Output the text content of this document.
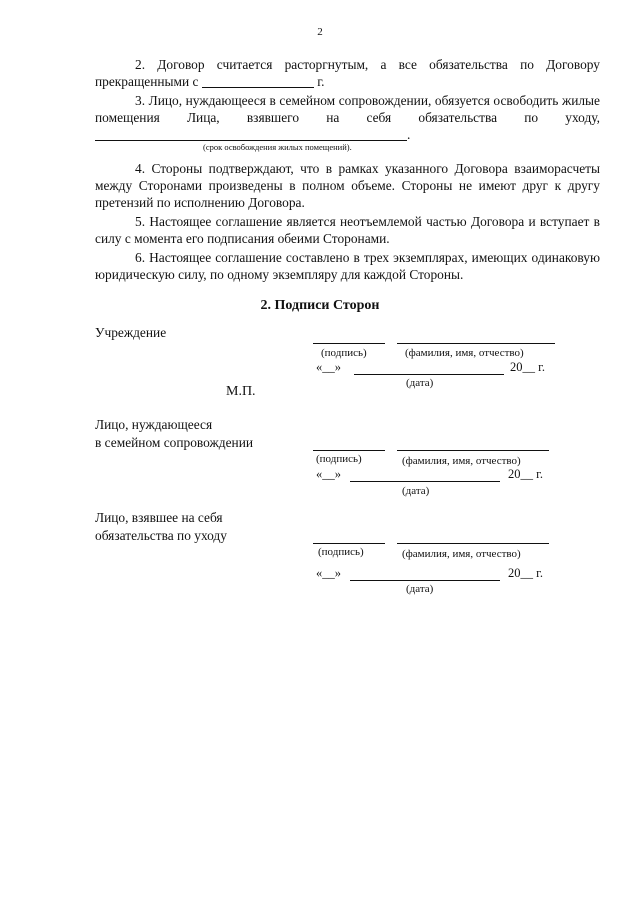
2

2. Договор считается расторгнутым, а все обязательства по Договору прекращенными с	г.

3. Лицо, нуждающееся в семейном сопровождении, обязуется освободить жилые помещения Лица, взявшего на себя обязательства по уходу, .
(срок освобождения жилых помещений).

4. Стороны подтверждают, что в рамках указанного Договора взаиморасчеты между Сторонами произведены в полном объеме. Стороны не имеют друг к другу претензий по исполнению Договора.

5. Настоящее соглашение является неотъемлемой частью Договора и вступает в силу с момента его подписания обеими Сторонами.

6. Настоящее соглашение составлено в трех экземплярах, имеющих одинаковую юридическую силу, по одному экземпляру для каждой Стороны.

2. Подписи Сторон
Учреждение
(подпись)	(фамилия, имя, отчество)
«__»	20__ г.
(дата)
М.П.
Лицо, нуждающееся
в семейном сопровождении
(подпись)	(фамилия, имя, отчество)
«__»	20__ г.
(дата)
Лицо, взявшее на себя
обязательства по уходу
(подпись)	(фамилия, имя, отчество)
«__»	20__ г.
(дата)
